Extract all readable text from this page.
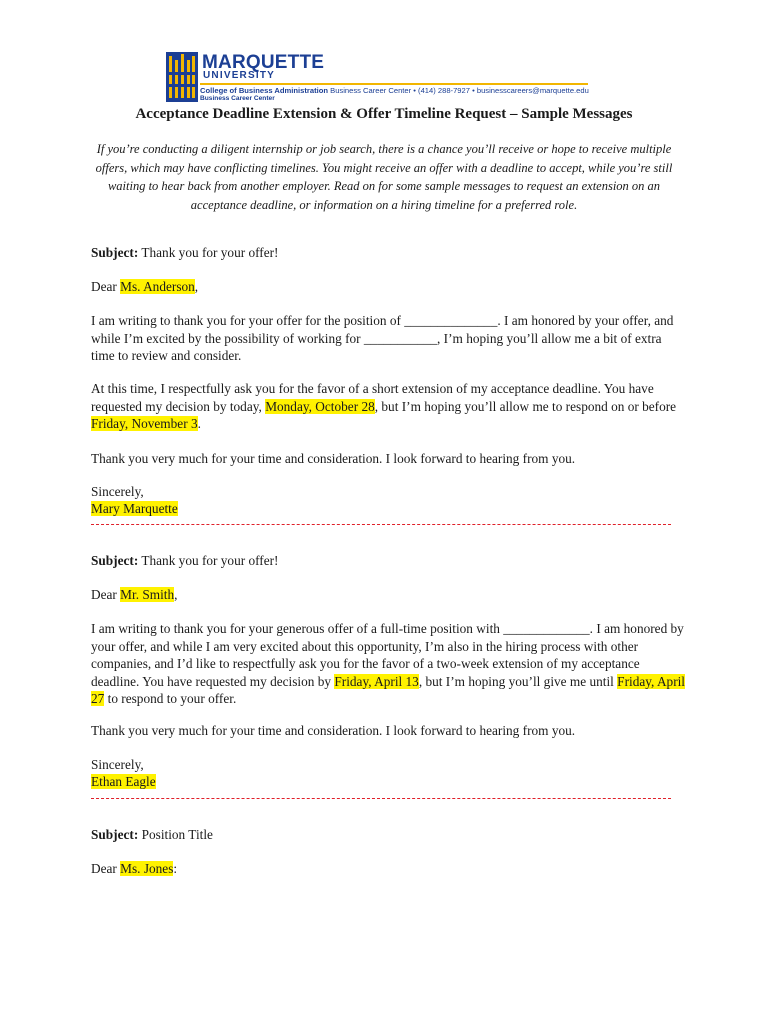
MARQUETTE
UNIVERSITY
College of Business Administration Business Career Center • (414) 288-7927 • businesscareers@marquette.edu
Business Career Center
Acceptance Deadline Extension & Offer Timeline Request – Sample Messages
If you’re conducting a diligent internship or job search, there is a chance you’ll receive or hope to receive multiple offers, which may have conflicting timelines. You might receive an offer with a deadline to accept, while you’re still waiting to hear back from another employer. Read on for some sample messages to request an extension on an acceptance deadline, or information on a hiring timeline for a preferred role.
Subject: Thank you for your offer!
Dear Ms. Anderson,
I am writing to thank you for your offer for the position of ______________. I am honored by your offer, and while I’m excited by the possibility of working for ___________, I’m hoping you’ll allow me a bit of extra time to review and consider.
At this time, I respectfully ask you for the favor of a short extension of my acceptance deadline. You have requested my decision by today, Monday, October 28, but I’m hoping you’ll allow me to respond on or before Friday, November 3.
Thank you very much for your time and consideration. I look forward to hearing from you.
Sincerely,
Mary Marquette
Subject: Thank you for your offer!
Dear Mr. Smith,
I am writing to thank you for your generous offer of a full-time position with _____________. I am honored by your offer, and while I am very excited about this opportunity, I’m also in the hiring process with other companies, and I’d like to respectfully ask you for the favor of a two-week extension of my acceptance deadline. You have requested my decision by Friday, April 13, but I’m hoping you’ll give me until Friday, April 27 to respond to your offer.
Thank you very much for your time and consideration. I look forward to hearing from you.
Sincerely,
Ethan Eagle
Subject: Position Title
Dear Ms. Jones:
